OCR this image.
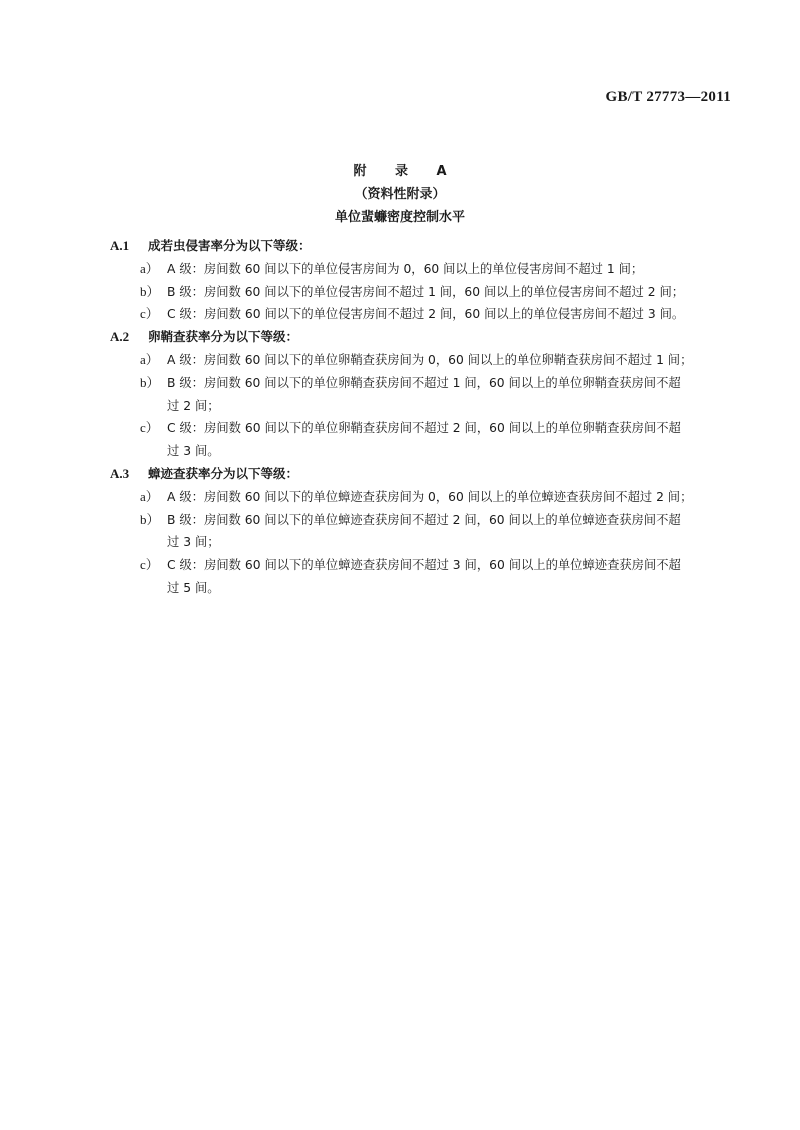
GB/T 27773—2011
附 录 A
（资料性附录）
单位蜚蠊密度控制水平
A.1	成若虫侵害率分为以下等级：
a） A 级：房间数 60 间以下的单位侵害房间为 0，60 间以上的单位侵害房间不超过 1 间；
b） B 级：房间数 60 间以下的单位侵害房间不超过 1 间，60 间以上的单位侵害房间不超过 2 间；
c） C 级：房间数 60 间以下的单位侵害房间不超过 2 间，60 间以上的单位侵害房间不超过 3 间。
A.2	卵鞘查获率分为以下等级：
a） A 级：房间数 60 间以下的单位卵鞘查获房间为 0，60 间以上的单位卵鞘查获房间不超过 1 间；
b） B 级：房间数 60 间以下的单位卵鞘查获房间不超过 1 间，60 间以上的单位卵鞘查获房间不超
过 2 间；
c） C 级：房间数 60 间以下的单位卵鞘查获房间不超过 2 间，60 间以上的单位卵鞘查获房间不超
过 3 间。
A.3	蟑迹查获率分为以下等级：
a） A 级：房间数 60 间以下的单位蟑迹查获房间为 0，60 间以上的单位蟑迹查获房间不超过 2 间；
b） B 级：房间数 60 间以下的单位蟑迹查获房间不超过 2 间，60 间以上的单位蟑迹查获房间不超
过 3 间；
c） C 级：房间数 60 间以下的单位蟑迹查获房间不超过 3 间，60 间以上的单位蟑迹查获房间不超
过 5 间。
